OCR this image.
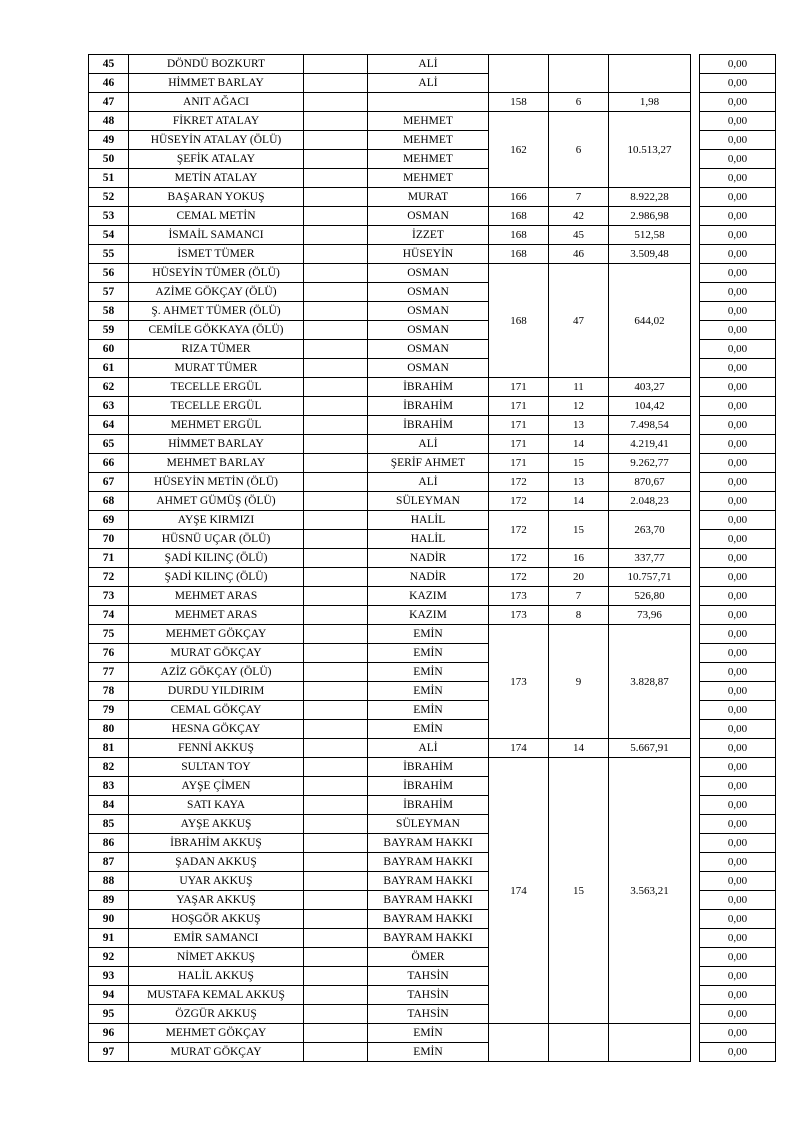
45	DÖNDÜ BOZKURT		ALİ					0,00
46	HİMMET BARLAY		ALİ					0,00
47	ANIT AĞACI			158	6	1,98		0,00
48	FİKRET ATALAY		MEHMET	162	6	10.513,27		0,00
49	HÜSEYİN ATALAY (ÖLÜ)		MEHMET					0,00
50	ŞEFİK ATALAY		MEHMET					0,00
51	METİN ATALAY		MEHMET					0,00
52	BAŞARAN YOKUŞ		MURAT	166	7	8.922,28		0,00
53	CEMAL METİN		OSMAN	168	42	2.986,98		0,00
54	İSMAİL SAMANCI		İZZET	168	45	512,58		0,00
55	İSMET TÜMER		HÜSEYİN	168	46	3.509,48		0,00
56	HÜSEYİN TÜMER (ÖLÜ)		OSMAN	168	47	644,02		0,00
57	AZİME GÖKÇAY (ÖLÜ)		OSMAN					0,00
58	Ş. AHMET TÜMER (ÖLÜ)		OSMAN					0,00
59	CEMİLE GÖKKAYA (ÖLÜ)		OSMAN					0,00
60	RIZA TÜMER		OSMAN					0,00
61	MURAT TÜMER		OSMAN					0,00
62	TECELLE ERGÜL		İBRAHİM	171	11	403,27		0,00
63	TECELLE ERGÜL		İBRAHİM	171	12	104,42		0,00
64	MEHMET ERGÜL		İBRAHİM	171	13	7.498,54		0,00
65	HİMMET BARLAY		ALİ	171	14	4.219,41		0,00
66	MEHMET BARLAY		ŞERİF AHMET	171	15	9.262,77		0,00
67	HÜSEYİN METİN (ÖLÜ)		ALİ	172	13	870,67		0,00
68	AHMET GÜMÜŞ (ÖLÜ)		SÜLEYMAN	172	14	2.048,23		0,00
69	AYŞE KIRMIZI		HALİL	172	15	263,70		0,00
70	HÜSNÜ UÇAR (ÖLÜ)		HALİL					0,00
71	ŞADİ KILINÇ (ÖLÜ)		NADİR	172	16	337,77		0,00
72	ŞADİ KILINÇ (ÖLÜ)		NADİR	172	20	10.757,71		0,00
73	MEHMET ARAS		KAZIM	173	7	526,80		0,00
74	MEHMET ARAS		KAZIM	173	8	73,96		0,00
75	MEHMET GÖKÇAY		EMİN	173	9	3.828,87		0,00
76	MURAT GÖKÇAY		EMİN					0,00
77	AZİZ GÖKÇAY (ÖLÜ)		EMİN					0,00
78	DURDU YILDIRIM		EMİN					0,00
79	CEMAL GÖKÇAY		EMİN					0,00
80	HESNA GÖKÇAY		EMİN					0,00
81	FENNİ AKKUŞ		ALİ	174	14	5.667,91		0,00
82	SULTAN TOY		İBRAHİM	174	15	3.563,21		0,00
83	AYŞE ÇİMEN		İBRAHİM					0,00
84	SATI KAYA		İBRAHİM					0,00
85	AYŞE AKKUŞ		SÜLEYMAN					0,00
86	İBRAHİM AKKUŞ		BAYRAM HAKKI					0,00
87	ŞADAN AKKUŞ		BAYRAM HAKKI					0,00
88	UYAR AKKUŞ		BAYRAM HAKKI					0,00
89	YAŞAR AKKUŞ		BAYRAM HAKKI					0,00
90	HOŞGÖR AKKUŞ		BAYRAM HAKKI					0,00
91	EMİR SAMANCI		BAYRAM HAKKI					0,00
92	NİMET AKKUŞ		ÖMER					0,00
93	HALİL AKKUŞ		TAHSİN					0,00
94	MUSTAFA KEMAL AKKUŞ		TAHSİN					0,00
95	ÖZGÜR AKKUŞ		TAHSİN					0,00
96	MEHMET GÖKÇAY		EMİN					0,00
97	MURAT GÖKÇAY		EMİN					0,00
